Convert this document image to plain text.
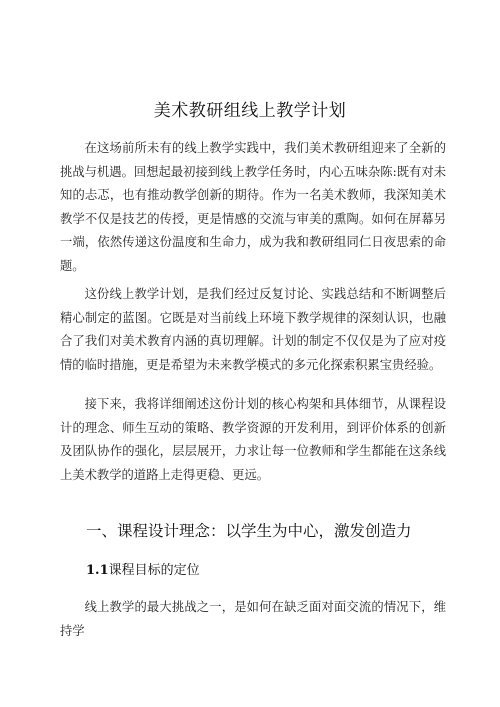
美术教研组线上教学计划

在这场前所未有的线上教学实践中，我们美术教研组迎来了全新的挑战与机遇。回想起最初接到线上教学任务时，内心五味杂陈:既有对未知的忐忑，也有推动教学创新的期待。作为一名美术教师，我深知美术教学不仅是技艺的传授，更是情感的交流与审美的熏陶。如何在屏幕另一端，依然传递这份温度和生命力，成为我和教研组同仁日夜思索的命题。

这份线上教学计划，是我们经过反复讨论、实践总结和不断调整后精心制定的蓝图。它既是对当前线上环境下教学规律的深刻认识，也融合了我们对美术教育内涵的真切理解。计划的制定不仅仅是为了应对疫情的临时措施，更是希望为未来教学模式的多元化探索积累宝贵经验。

接下来，我将详细阐述这份计划的核心构架和具体细节，从课程设计的理念、师生互动的策略、教学资源的开发利用，到评价体系的创新及团队协作的强化，层层展开，力求让每一位教师和学生都能在这条线上美术教学的道路上走得更稳、更远。

一、课程设计理念：以学生为中心，激发创造力
1.1课程目标的定位

线上教学的最大挑战之一，是如何在缺乏面对面交流的情况下，维持学
